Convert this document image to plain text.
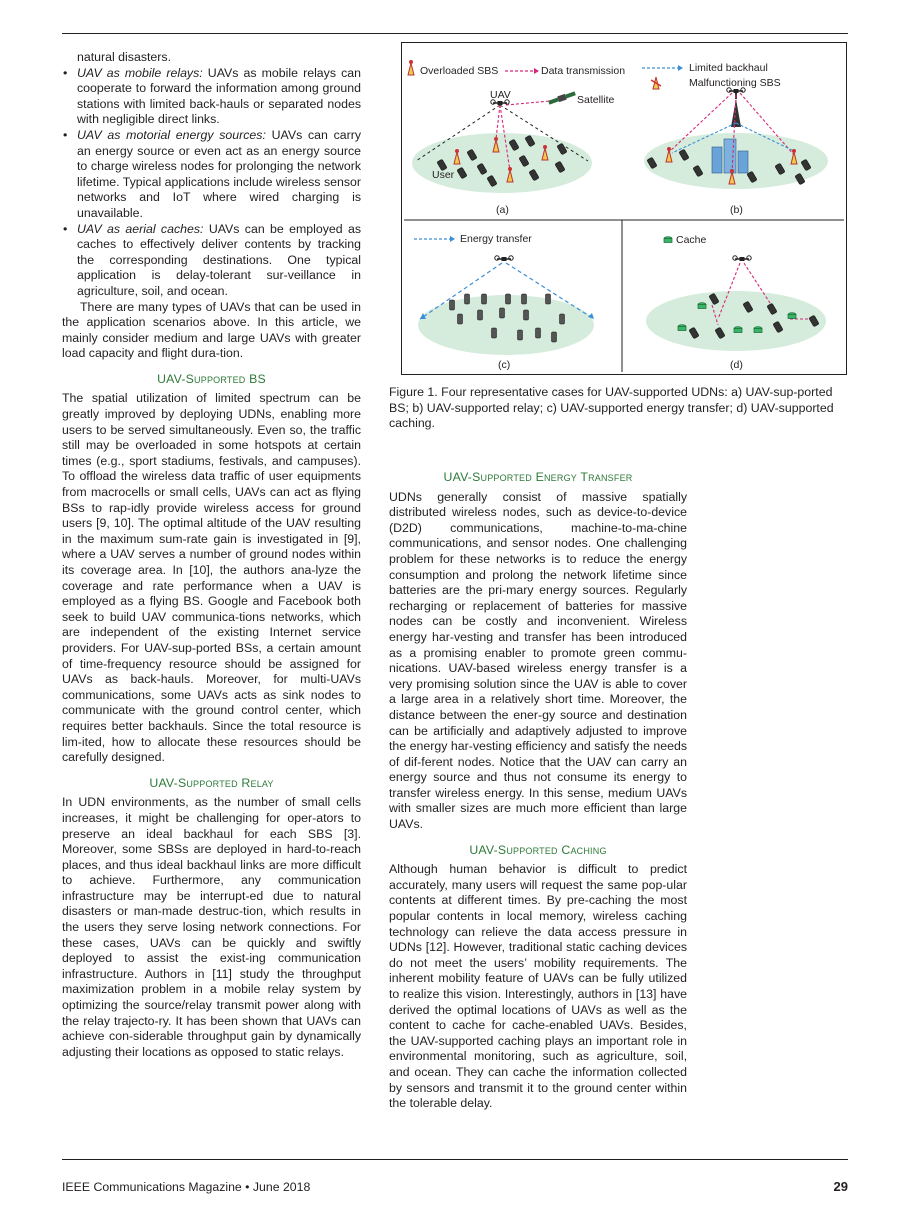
natural disasters.

• UAV as mobile relays: UAVs as mobile relays can cooperate to forward the information among ground stations with limited back-hauls or separated nodes with negligible direct links.
• UAV as motorial energy sources: UAVs can carry an energy source or even act as an energy source to charge wireless nodes for prolonging the network lifetime. Typical applications include wireless sensor networks and IoT where wired charging is unavailable.
• UAV as aerial caches: UAVs can be employed as caches to effectively deliver contents by tracking the corresponding destinations. One typical application is delay-tolerant sur-veillance in agriculture, soil, and ocean.

There are many types of UAVs that can be used in the application scenarios above. In this article, we mainly consider medium and large UAVs with greater load capacity and flight dura-tion.

UAV-Supported BS

The spatial utilization of limited spectrum can be greatly improved by deploying UDNs, enabling more users to be served simultaneously. Even so, the traffic still may be overloaded in some hotspots at certain times (e.g., sport stadiums, festivals, and campuses). To offload the wireless data traffic of user equipments from macrocells or small cells, UAVs can act as flying BSs to rap-idly provide wireless access for ground users [9, 10]. The optimal altitude of the UAV resulting in the maximum sum-rate gain is investigated in [9], where a UAV serves a number of ground nodes within its coverage area. In [10], the authors ana-lyze the coverage and rate performance when a UAV is employed as a flying BS. Google and Facebook both seek to build UAV communica-tions networks, which are independent of the existing Internet service providers. For UAV-sup-ported BSs, a certain amount of time-frequency resource should be assigned for UAVs as back-hauls. Moreover, for multi-UAVs communications, some UAVs acts as sink nodes to communicate with the ground control center, which requires better backhauls. Since the total resource is lim-ited, how to allocate these resources should be carefully designed.

UAV-Supported Relay

In UDN environments, as the number of small cells increases, it might be challenging for oper-ators to preserve an ideal backhaul for each SBS [3]. Moreover, some SBSs are deployed in hard-to-reach places, and thus ideal backhaul links are more difficult to achieve. Furthermore, any communication infrastructure may be interrupt-ed due to natural disasters or man-made destruc-tion, which results in the users they serve losing network connections. For these cases, UAVs can be quickly and swiftly deployed to assist the exist-ing communication infrastructure. Authors in [11] study the throughput maximization problem in a mobile relay system by optimizing the source/relay transmit power along with the relay trajecto-ry. It has been shown that UAVs can achieve con-siderable throughput gain by dynamically adjusting their locations as opposed to static relays.

Overloaded SBS	Data transmission	Limited backhaul
Malfunctioning SBS
UAV	Satellite
User
(a)	(b)
Energy transfer
(c)
Cache
(d)
Figure 1. Four representative cases for UAV-supported UDNs: a) UAV-sup-ported BS; b) UAV-supported relay; c) UAV-supported energy transfer; d) UAV-supported caching.
UAV-Supported Energy Transfer

UDNs generally consist of massive spatially distributed wireless nodes, such as device-to-device (D2D) communications, machine-to-ma-chine communications, and sensor nodes. One challenging problem for these networks is to reduce the energy consumption and prolong the network lifetime since batteries are the pri-mary energy sources. Regularly recharging or replacement of batteries for massive nodes can be costly and inconvenient. Wireless energy har-vesting and transfer has been introduced as a promising enabler to promote green commu-nications. UAV-based wireless energy transfer is a very promising solution since the UAV is able to cover a large area in a relatively short time. Moreover, the distance between the ener-gy source and destination can be artificially and adaptively adjusted to improve the energy har-vesting efficiency and satisfy the needs of dif-ferent nodes. Notice that the UAV can carry an energy source and thus not consume its energy to transfer wireless energy. In this sense, medium UAVs with smaller sizes are much more efficient than large UAVs.

UAV-Supported Caching

Although human behavior is difficult to predict accurately, many users will request the same pop-ular contents at different times. By pre-caching the most popular contents in local memory, wireless caching technology can relieve the data access pressure in UDNs [12]. However, traditional static caching devices do not meet the users’ mobility requirements. The inherent mobility feature of UAVs can be fully utilized to realize this vision. Interestingly, authors in [13] have derived the optimal locations of UAVs as well as the content to cache for cache-enabled UAVs. Besides, the UAV-supported caching plays an important role in environmental monitoring, such as agriculture, soil, and ocean. They can cache the information collected by sensors and transmit it to the ground center within the tolerable delay.

IEEE Communications Magazine • June 2018	29
